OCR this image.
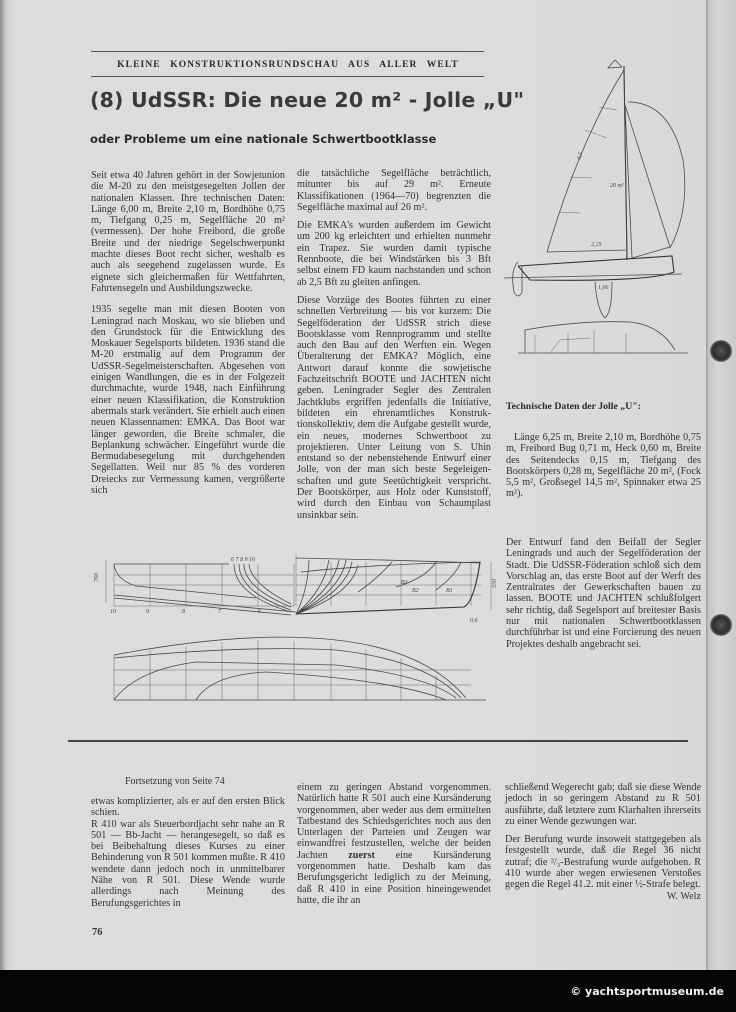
KLEINE KONSTRUKTIONSRUNDSCHAU AUS ALLER WELT
(8) UdSSR: Die neue 20 m² - Jolle „U"
oder Probleme um eine nationale Schwertbootklasse

Seit etwa 40 Jahren gehört in der Sowjetunion die M-20 zu den meistgesegelten Jollen der nationalen Klassen. Ihre technischen Daten: Länge 6,00 m, Breite 2,10 m, Bordhöhe 0,75 m, Tiefgang 0,25 m, Segelfläche 20 m² (vermessen). Der hohe Freibord, die große Breite und der niedrige Segelschwerpunkt machte dieses Boot recht sicher, weshalb es auch als seegehend zugelassen wurde. Es eignete sich gleichermaßen für Wettfahrten, Fahrtensegeln und Ausbildungszwecke.

1935 segelte man mit diesen Booten von Leningrad nach Moskau, wo sie blieben und den Grundstock für die Entwicklung des Moskauer Segelsports bildeten. 1936 stand die M-20 erstmalig auf dem Programm der UdSSR-Segelmeisterschaften. Abgesehen von einigen Wandlungen, die es in der Folgezeit durchmachte, wurde 1948, nach Einführung einer neuen Klassifikation, die Konstruktion abermals stark verändert. Sie erhielt auch einen neuen Klassennamen: EMKA. Das Boot war länger geworden, die Breite schmaler, die Beplankung schwächer. Eingeführt wurde die Bermudabesegelung mit durchgehenden Segellatten. Weil nur 85 % des vorderen Dreiecks zur Vermessung kamen, vergrößerte sich

die tatsächliche Segelfläche beträchtlich, mitunter bis auf 29 m². Erneute Klassifikationen (1964—70) begrenzten die Segelfläche maximal auf 26 m².

Die EMKA's wurden außerdem im Gewicht um 200 kg erleichtert und erhielten nunmehr ein Trapez. Sie wurden damit typische Rennboote, die bei Windstärken bis 3 Bft selbst einem FD kaum nachstanden und schon ab 2,5 Bft zu gleiten anfingen.

Diese Vorzüge des Bootes führten zu einer schnellen Verbreitung — bis vor kurzem: Die Segelföderation der UdSSR strich diese Bootsklasse vom Rennprogramm und stellte auch den Bau auf den Werften ein. Wegen Überalterung der EMKA? Möglich, eine Antwort darauf konnte die sowjetische Fachzeitschrift BOOTE und JACHTEN nicht geben. Leningrader Segler des Zentralen Jachtklubs ergriffen jedenfalls die Initiative, bildeten ein ehrenamtliches Konstruktionskollektiv, dem die Aufgabe gestellt wurde, ein neues, modernes Schwertboot zu projektieren. Unter Leitung von S. Uhin entstand so der nebenstehende Entwurf einer Jolle, von der man sich beste Segeleigenschaften und gute Seetüchtigkeit verspricht. Der Bootskörper, aus Holz oder Kunststoff, wird durch den Einbau von Schaumplast unsinkbar sein.

6,5
20 m²
2,25
1,66
Technische Daten der Jolle „U":

Länge 6,25 m, Breite 2,10 m, Bordhöhe 0,75 m, Freibord Bug 0,71 m, Heck 0,60 m, Breite des Seitendecks 0,15 m, Tiefgang des Bootskörpers 0,28 m, Segelfläche 20 m², (Fock 5,5 m², Großsegel 14,5 m², Spinnaker etwa 25 m²).

Der Entwurf fand den Beifall der Segler Leningrads und auch der Segelföderation der Stadt. Die UdSSR-Föderation schloß sich dem Vorschlag an, das erste Boot auf der Werft des Zentralrates der Gewerkschaften bauen zu lassen. BOOTE und JACHTEN schlußfolgert sehr richtig, daß Segelsport auf breitester Basis nur mit nationalen Schwertbootklassen durchführbar ist und eine Forcierung des neuen Projektes deshalb angebracht sei.

760
6 7 8 9 10
10	9	8	7	6
B3
B2	B1
550
0,6
Fortsetzung von Seite 74

etwas komplizierter, als er auf den ersten Blick schien.

R 410 war als Steuerbordjacht sehr nahe an R 501 — Bb-Jacht — herangesegelt, so daß es bei Beibehaltung dieses Kurses zu einer Behinderung von R 501 kommen mußte. R 410 wendete dann jedoch noch in unmittelbarer Nähe von R 501. Diese Wende wurde allerdings nach Meinung des Berufungsgerichtes in

einem zu geringen Abstand vorgenommen. Natürlich hatte R 501 auch eine Kursänderung vorgenommen, aber weder aus dem ermittelten Tatbestand des Schiedsgerichtes noch aus den Unterlagen der Parteien und Zeugen war einwandfrei festzustellen, welche der beiden Jachten zuerst eine Kursänderung vorgenommen hatte. Deshalb kam das Berufungsgericht lediglich zu der Meinung, daß R 410 in eine Position hineingewendet hatte, die ihr an

schließend Wegerecht gab; daß sie diese Wende jedoch in so geringem Abstand zu R 501 ausführte, daß letztere zum Klarhalten ihrerseits zu einer Wende gezwungen war.

Der Berufung wurde insoweit stattgegeben als festgestellt wurde, daß die Regel 36 nicht zutraf; die ²/₃-Bestrafung wurde aufgehoben. R 410 wurde aber wegen erwiesenen Verstoßes gegen die Regel 41.2. mit einer ½-Strafe belegt.
W. Welz

76
© yachtsportmuseum.de
